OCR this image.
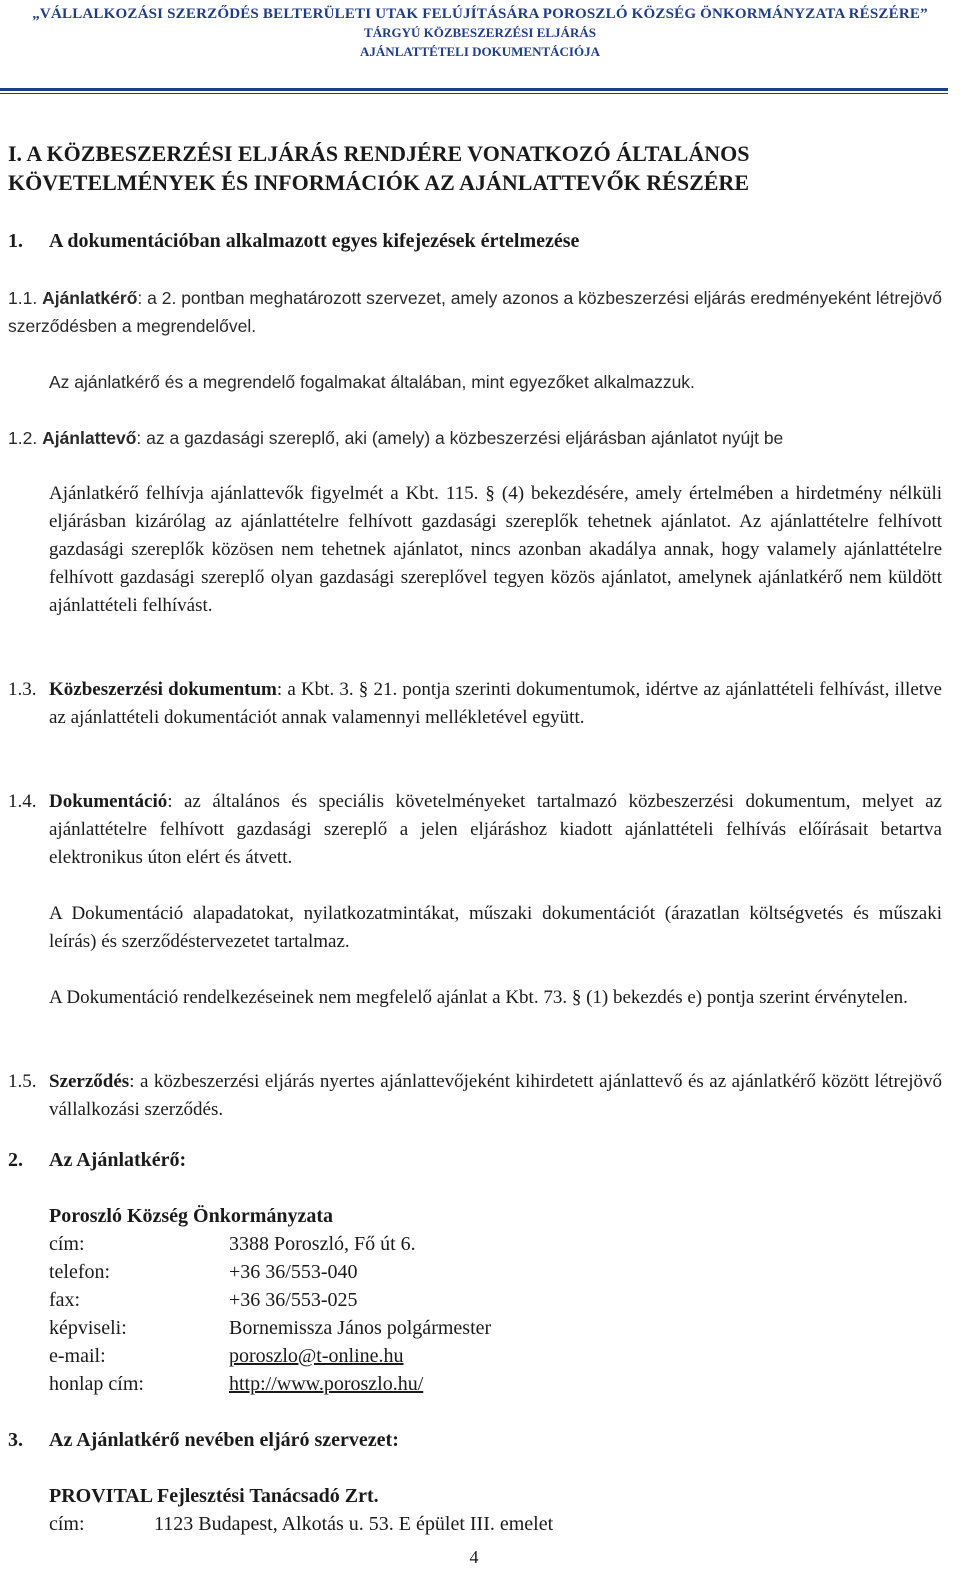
„VÁLLALKOZÁSI SZERZŐDÉS BELTERÜLETI UTAK FELÚJÍTÁSÁRA POROSZLÓ KÖZSÉG ÖNKORMÁNYZATA RÉSZÉRE”
TÁRGYÚ KÖZBESZERZÉSI ELJÁRÁS
AJÁNLATTÉTELI DOKUMENTÁCIÓJA
I. A KÖZBESZERZÉSI ELJÁRÁS RENDJÉRE VONATKOZÓ ÁLTALÁNOS KÖVETELMÉNYEK ÉS INFORMÁCIÓK AZ AJÁNLATTEVŐK RÉSZÉRE
1. A dokumentációban alkalmazott egyes kifejezések értelmezése
1.1. Ajánlatkérő: a 2. pontban meghatározott szervezet, amely azonos a közbeszerzési eljárás eredményeként létrejövő szerződésben a megrendelővel.
Az ajánlatkérő és a megrendelő fogalmakat általában, mint egyezőket alkalmazzuk.
1.2. Ajánlattevő: az a gazdasági szereplő, aki (amely) a közbeszerzési eljárásban ajánlatot nyújt be
Ajánlatkérő felhívja ajánlattevők figyelmét a Kbt. 115. § (4) bekezdésére, amely értelmében a hirdetmény nélküli eljárásban kizárólag az ajánlattételre felhívott gazdasági szereplők tehetnek ajánlatot. Az ajánlattételre felhívott gazdasági szereplők közösen nem tehetnek ajánlatot, nincs azonban akadálya annak, hogy valamely ajánlattételre felhívott gazdasági szereplő olyan gazdasági szereplővel tegyen közös ajánlatot, amelynek ajánlatkérő nem küldött ajánlattételi felhívást.
1.3. Közbeszerzési dokumentum: a Kbt. 3. § 21. pontja szerinti dokumentumok, idértve az ajánlattételi felhívást, illetve az ajánlattételi dokumentációt annak valamennyi mellékletével együtt.
1.4. Dokumentáció: az általános és speciális követelményeket tartalmazó közbeszerzési dokumentum, melyet az ajánlattételre felhívott gazdasági szereplő a jelen eljáráshoz kiadott ajánlattételi felhívás előírásait betartva elektronikus úton elért és átvett.
A Dokumentáció alapadatokat, nyilatkozatmintákat, műszaki dokumentációt (árazatlan költségvetés és műszaki leírás) és szerződéstervezetet tartalmaz.
A Dokumentáció rendelkezéseinek nem megfelelő ajánlat a Kbt. 73. § (1) bekezdés e) pontja szerint érvénytelen.
1.5. Szerződés: a közbeszerzési eljárás nyertes ajánlattevőjeként kihirdetett ajánlattevő és az ajánlatkérő között létrejövő vállalkozási szerződés.
2. Az Ajánlatkérő:
Poroszló Község Önkormányzata
cím:	3388 Poroszló, Fő út 6.
telefon:	+36 36/553-040
fax:	+36 36/553-025
képviseli:	Bornemissza János polgármester
e-mail:	poroszlo@t-online.hu
honlap cím:	http://www.poroszlo.hu/
3. Az Ajánlatkérő nevében eljáró szervezet:
PROVITAL Fejlesztési Tanácsadó Zrt.
cím:	1123 Budapest, Alkotás u. 53. E épület III. emelet
4
